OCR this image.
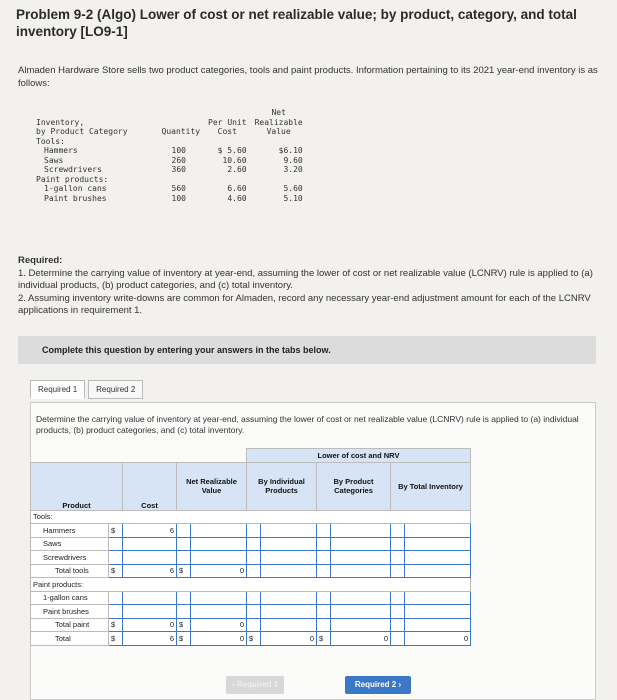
Problem 9-2 (Algo) Lower of cost or net realizable value; by product, category, and total inventory [LO9-1]
Almaden Hardware Store sells two product categories, tools and paint products. Information pertaining to its 2021 year-end inventory is as follows:
			Net
Inventory,		Per Unit	Realizable
by Product Category	Quantity	Cost	Value
Tools:			
Hammers	100	$ 5.60	$6.10
Saws	260	10.60	9.60
Screwdrivers	360	2.60	3.20
Paint products:			
1-gallon cans	560	6.60	5.60
Paint brushes	100	4.60	5.10
Required:
1. Determine the carrying value of inventory at year-end, assuming the lower of cost or net realizable value (LCNRV) rule is applied to (a) individual products, (b) product categories, and (c) total inventory.
2. Assuming inventory write-downs are common for Almaden, record any necessary year-end adjustment amount for each of the LCNRV applications in requirement 1.
Complete this question by entering your answers in the tabs below.
Required 1	Required 2
Determine the carrying value of inventory at year-end, assuming the lower of cost or net realizable value (LCNRV) rule is applied to (a) individual products, (b) product categories, and (c) total inventory.
					Lower of cost and NRV					
Product		Cost	Net Realizable Value		By Individual Products		By Product Categories		By Total Inventory	
Tools:										
Hammers	$	6								
Saws										
Screwdrivers										
Total tools	$	6	$	0						
Paint products:										
1-gallon cans										
Paint brushes										
Total paint	$	0	$	0						
Total	$	6	$	0	$	0	$	0		0
‹ Required 1	Required 2 ›
